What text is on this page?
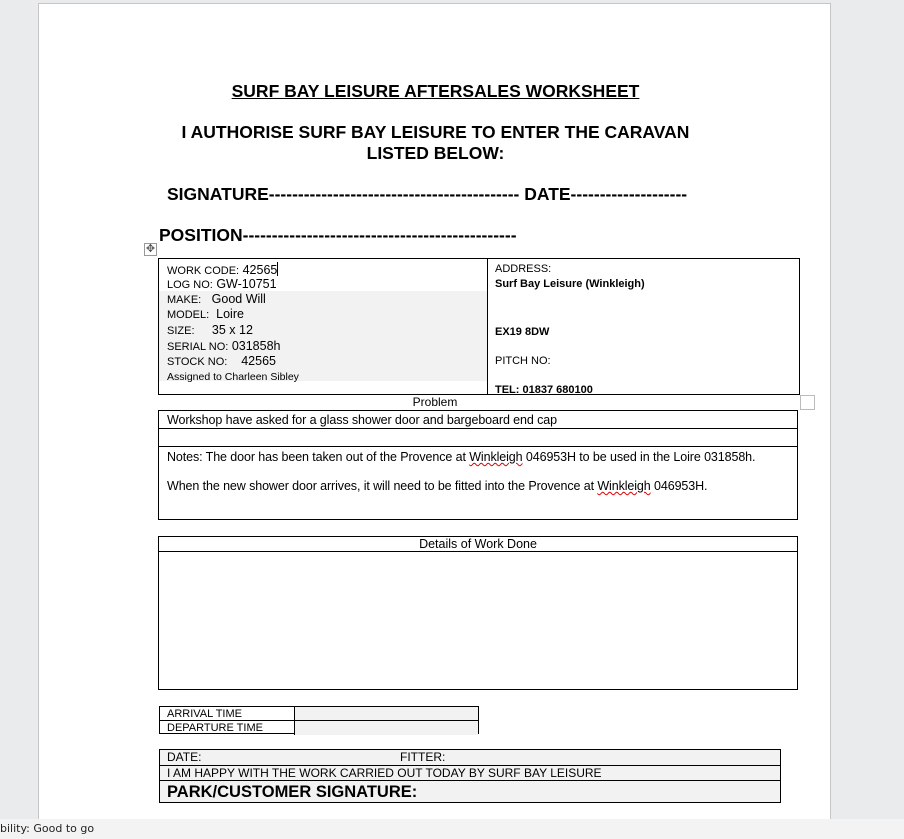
SURF BAY LEISURE AFTERSALES WORKSHEET
I AUTHORISE SURF BAY LEISURE TO ENTER THE CARAVAN
LISTED BELOW:
SIGNATURE------------------------------------------- DATE--------------------
POSITION-----------------------------------------------
✥
WORK CODE: 42565
LOG NO: GW-10751
MAKE: Good Will
MODEL: Loire
SIZE: 35 x 12
SERIAL NO: 031858h
STOCK NO: 42565
Assigned to Charleen Sibley
ADDRESS:
Surf Bay Leisure (Winkleigh)
EX19 8DW
PITCH NO:
TEL: 01837 680100
Problem
Workshop have asked for a glass shower door and bargeboard end cap
Notes: The door has been taken out of the Provence at Winkleigh 046953H to be used in the Loire 031858h.
When the new shower door arrives, it will need to be fitted into the Provence at Winkleigh 046953H.
Details of Work Done
ARRIVAL TIME
DEPARTURE TIME
DATE:	FITTER:
I AM HAPPY WITH THE WORK CARRIED OUT TODAY BY SURF BAY LEISURE
PARK/CUSTOMER SIGNATURE:
bility: Good to go
